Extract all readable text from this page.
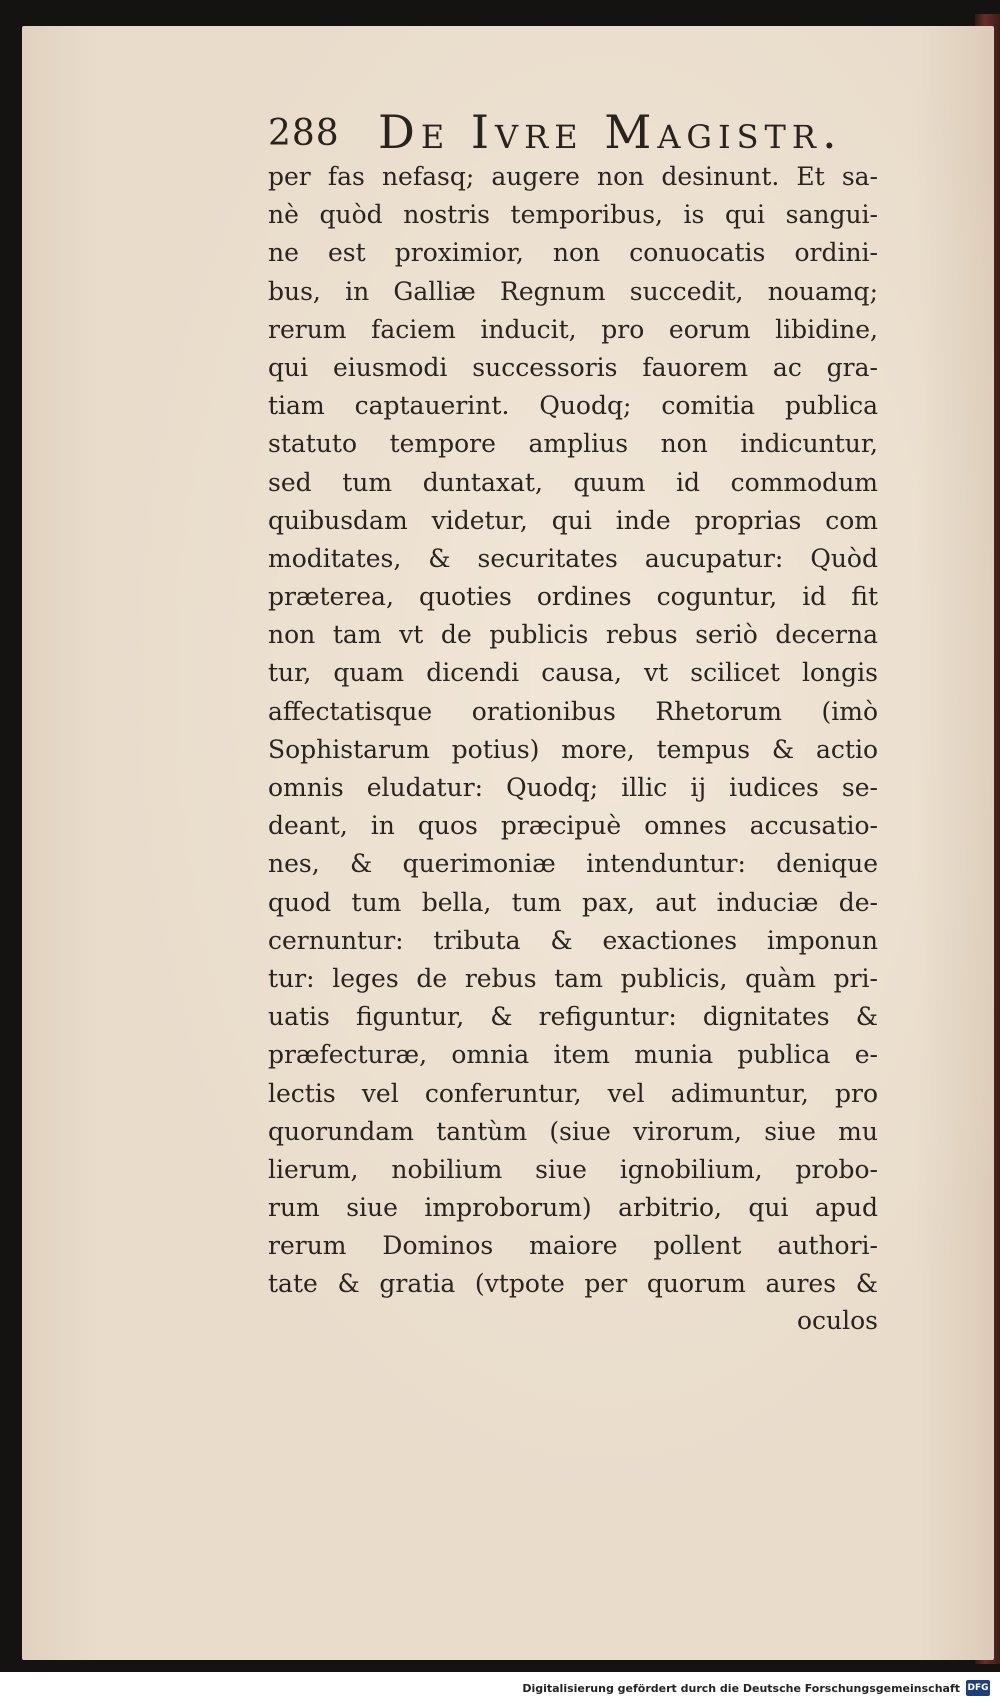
288 De Ivre Magistr.
per fas nefasq; augere non desinunt. Et sa-
nè quòd nostris temporibus, is qui sangui-
ne est proximior, non conuocatis ordini-
bus, in Galliæ Regnum succedit, nouamq;
rerum faciem inducit, pro eorum libidine,
qui eiusmodi successoris fauorem ac gra-
tiam captauerint. Quodq; comitia publica
statuto tempore amplius non indicuntur,
sed tum duntaxat, quum id commodum
quibusdam videtur, qui inde proprias com
moditates, & securitates aucupatur: Quòd
præterea, quoties ordines coguntur, id fit
non tam vt de publicis rebus seriò decerna
tur, quam dicendi causa, vt scilicet longis
affectatisque orationibus Rhetorum (imò
Sophistarum potius) more, tempus & actio
omnis eludatur: Quodq; illic ij iudices se-
deant, in quos præcipuè omnes accusatio-
nes, & querimoniæ intenduntur: denique
quod tum bella, tum pax, aut induciæ de-
cernuntur: tributa & exactiones imponun
tur: leges de rebus tam publicis, quàm pri-
uatis figuntur, & refiguntur: dignitates &
præfecturæ, omnia item munia publica e-
lectis vel conferuntur, vel adimuntur, pro
quorundam tantùm (siue virorum, siue mu
lierum, nobilium siue ignobilium, probo-
rum siue improborum) arbitrio, qui apud
rerum Dominos maiore pollent authori-
tate & gratia (vtpote per quorum aures &
oculos
Digitalisierung gefördert durch die Deutsche Forschungsgemeinschaft DFG
